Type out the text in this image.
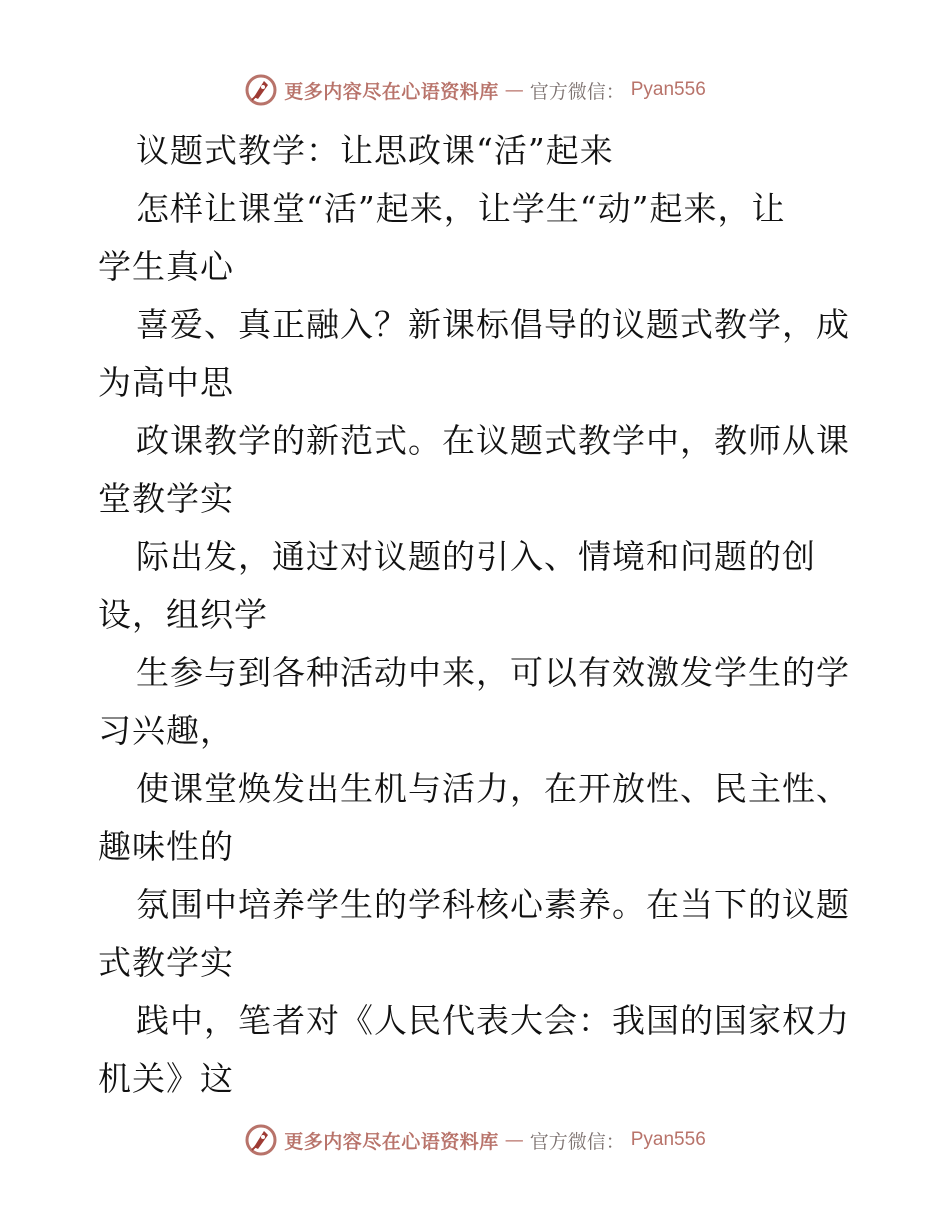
更多内容尽在心语资料库 — 官方微信： Pyan556
议题式教学：让思政课“活”起来
怎样让课堂“活”起来，让学生“动”起来，让
学生真心
喜爱、真正融入？新课标倡导的议题式教学，成
为高中思
政课教学的新范式。在议题式教学中，教师从课
堂教学实
际出发，通过对议题的引入、情境和问题的创
设，组织学
生参与到各种活动中来，可以有效激发学生的学
习兴趣，
使课堂焕发出生机与活力，在开放性、民主性、
趣味性的
氛围中培养学生的学科核心素养。在当下的议题
式教学实
践中，笔者对《人民代表大会：我国的国家权力
机关》这
更多内容尽在心语资料库 — 官方微信： Pyan556
